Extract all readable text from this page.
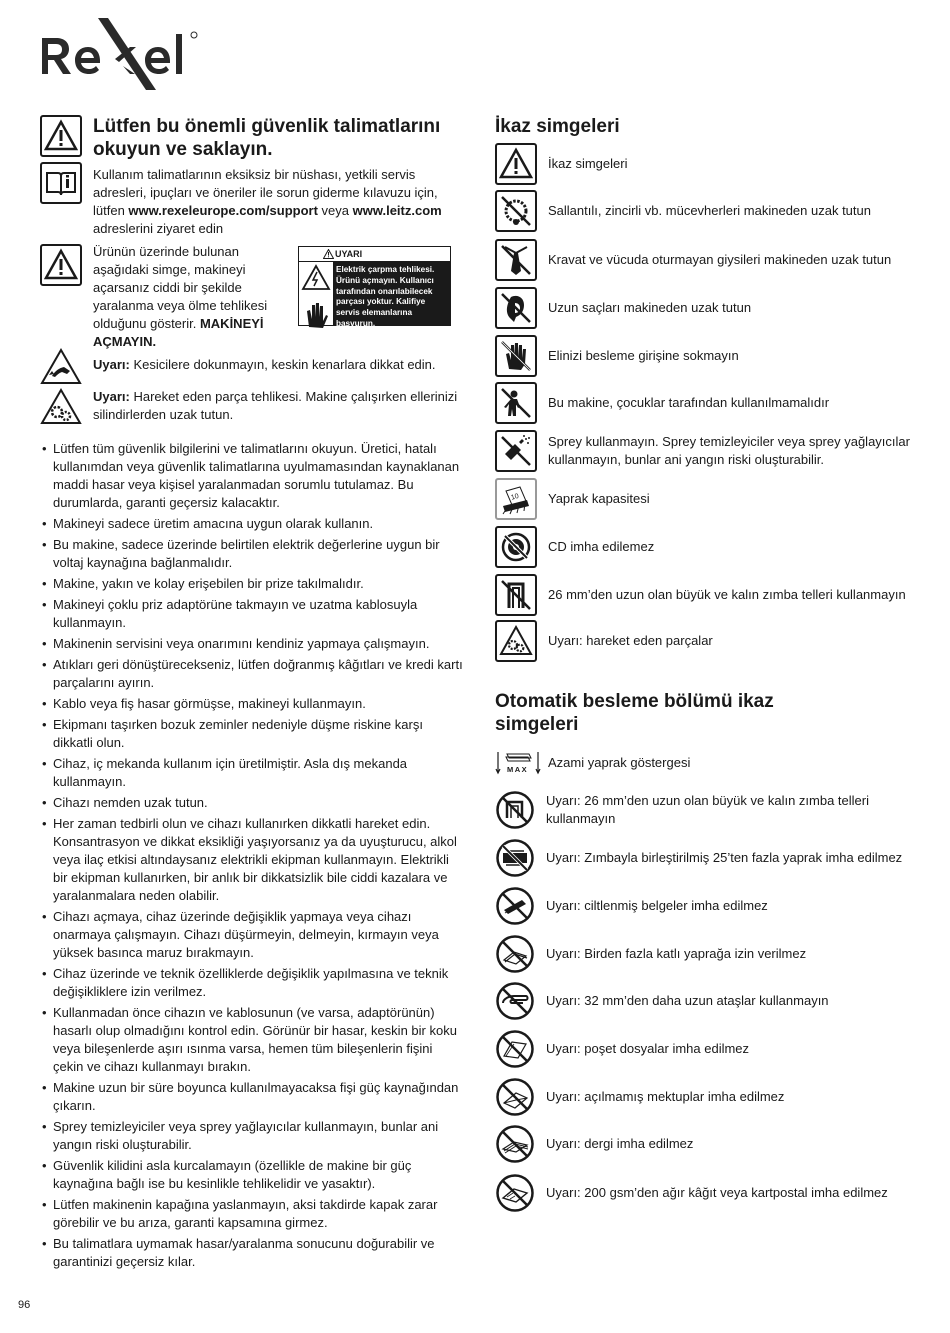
Lütfen bu önemli güvenlik talimatlarını okuyun ve saklayın.

Kullanım talimatlarının eksiksiz bir nüshası, yetkili servis adresleri, ipuçları ve öneriler ile sorun giderme kılavuzu için, lütfen www.rexeleurope.com/support veya www.leitz.com adreslerini ziyaret edin

Ürünün üzerinde bulunan aşağıdaki simge, makineyi açarsanız ciddi bir şekilde yaralanma veya ölme tehlikesi olduğunu gösterir. MAKİNEYİ AÇMAYIN.

UYARI

Elektrik çarpma tehlikesi. Ürünü açmayın. Kullanıcı tarafından onarılabilecek parçası yoktur. Kalifiye servis elemanlarına başvurun.

Uyarı: Kesicilere dokunmayın, keskin kenarlara dikkat edin.

Uyarı: Hareket eden parça tehlikesi. Makine çalışırken ellerinizi silindirlerden uzak tutun.

• Lütfen tüm güvenlik bilgilerini ve talimatlarını okuyun. Üretici, hatalı kullanımdan veya güvenlik talimatlarına uyulmamasından kaynaklanan maddi hasar veya kişisel yaralanmadan sorumlu tutulamaz. Bu durumlarda, garanti geçersiz kalacaktır.
• Makineyi sadece üretim amacına uygun olarak kullanın.
• Bu makine, sadece üzerinde belirtilen elektrik değerlerine uygun bir voltaj kaynağına bağlanmalıdır.
• Makine, yakın ve kolay erişebilen bir prize takılmalıdır.
• Makineyi çoklu priz adaptörüne takmayın ve uzatma kablosuyla kullanmayın.
• Makinenin servisini veya onarımını kendiniz yapmaya çalışmayın.
• Atıkları geri dönüştürecekseniz, lütfen doğranmış kâğıtları ve kredi kartı parçalarını ayırın.
• Kablo veya fiş hasar görmüşse, makineyi kullanmayın.
• Ekipmanı taşırken bozuk zeminler nedeniyle düşme riskine karşı dikkatli olun.
• Cihaz, iç mekanda kullanım için üretilmiştir. Asla dış mekanda kullanmayın.
• Cihazı nemden uzak tutun.
• Her zaman tedbirli olun ve cihazı kullanırken dikkatli hareket edin. Konsantrasyon ve dikkat eksikliği yaşıyorsanız ya da uyuşturucu, alkol veya ilaç etkisi altındaysanız elektrikli ekipman kullanmayın. Elektrikli bir ekipman kullanırken, bir anlık bir dikkatsizlik bile ciddi kazalara ve yaralanmalara neden olabilir.
• Cihazı açmaya, cihaz üzerinde değişiklik yapmaya veya cihazı onarmaya çalışmayın. Cihazı düşürmeyin, delmeyin, kırmayın veya yüksek basınca maruz bırakmayın.
• Cihaz üzerinde ve teknik özelliklerde değişiklik yapılmasına ve teknik değişikliklere izin verilmez.
• Kullanmadan önce cihazın ve kablosunun (ve varsa, adaptörünün) hasarlı olup olmadığını kontrol edin. Görünür bir hasar, keskin bir koku veya bileşenlerde aşırı ısınma varsa, hemen tüm bileşenlerin fişini çekin ve cihazı kullanmayı bırakın.
• Makine uzun bir süre boyunca kullanılmayacaksa fişi güç kaynağından çıkarın.
• Sprey temizleyiciler veya sprey yağlayıcılar kullanmayın, bunlar ani yangın riski oluşturabilir.
• Güvenlik kilidini asla kurcalamayın (özellikle de makine bir güç kaynağına bağlı ise bu kesinlikle tehlikelidir ve yasaktır).
• Lütfen makinenin kapağına yaslanmayın, aksi takdirde kapak zarar görebilir ve bu arıza, garanti kapsamına girmez.
• Bu talimatlara uymamak hasar/yaralanma sonucunu doğurabilir ve garantinizi geçersiz kılar.
İkaz simgeleri

İkaz simgeleri

Sallantılı, zincirli vb. mücevherleri makineden uzak tutun

Kravat ve vücuda oturmayan giysileri makineden uzak tutun

Uzun saçları makineden uzak tutun

Elinizi besleme girişine sokmayın

Bu makine, çocuklar tarafından kullanılmamalıdır

Sprey kullanmayın. Sprey temizleyiciler veya sprey yağlayıcılar kullanmayın, bunlar ani yangın riski oluşturabilir.

10 Yaprak kapasitesi

CD imha edilemez

26 mm’den uzun olan büyük ve kalın zımba telleri kullanmayın

Uyarı: hareket eden parçalar

Otomatik besleme bölümü ikaz simgeleri
MAX Azami yaprak göstergesi

Uyarı: 26 mm’den uzun olan büyük ve kalın zımba telleri kullanmayın

Uyarı: Zımbayla birleştirilmiş 25’ten fazla yaprak imha edilmez

Uyarı: ciltlenmiş belgeler imha edilmez

Uyarı: Birden fazla katlı yaprağa izin verilmez

Uyarı: 32 mm’den daha uzun ataşlar kullanmayın

Uyarı: poşet dosyalar imha edilmez

Uyarı: açılmamış mektuplar imha edilmez

Uyarı: dergi imha edilmez

Uyarı: 200 gsm’den ağır kâğıt veya kartpostal imha edilmez

96
